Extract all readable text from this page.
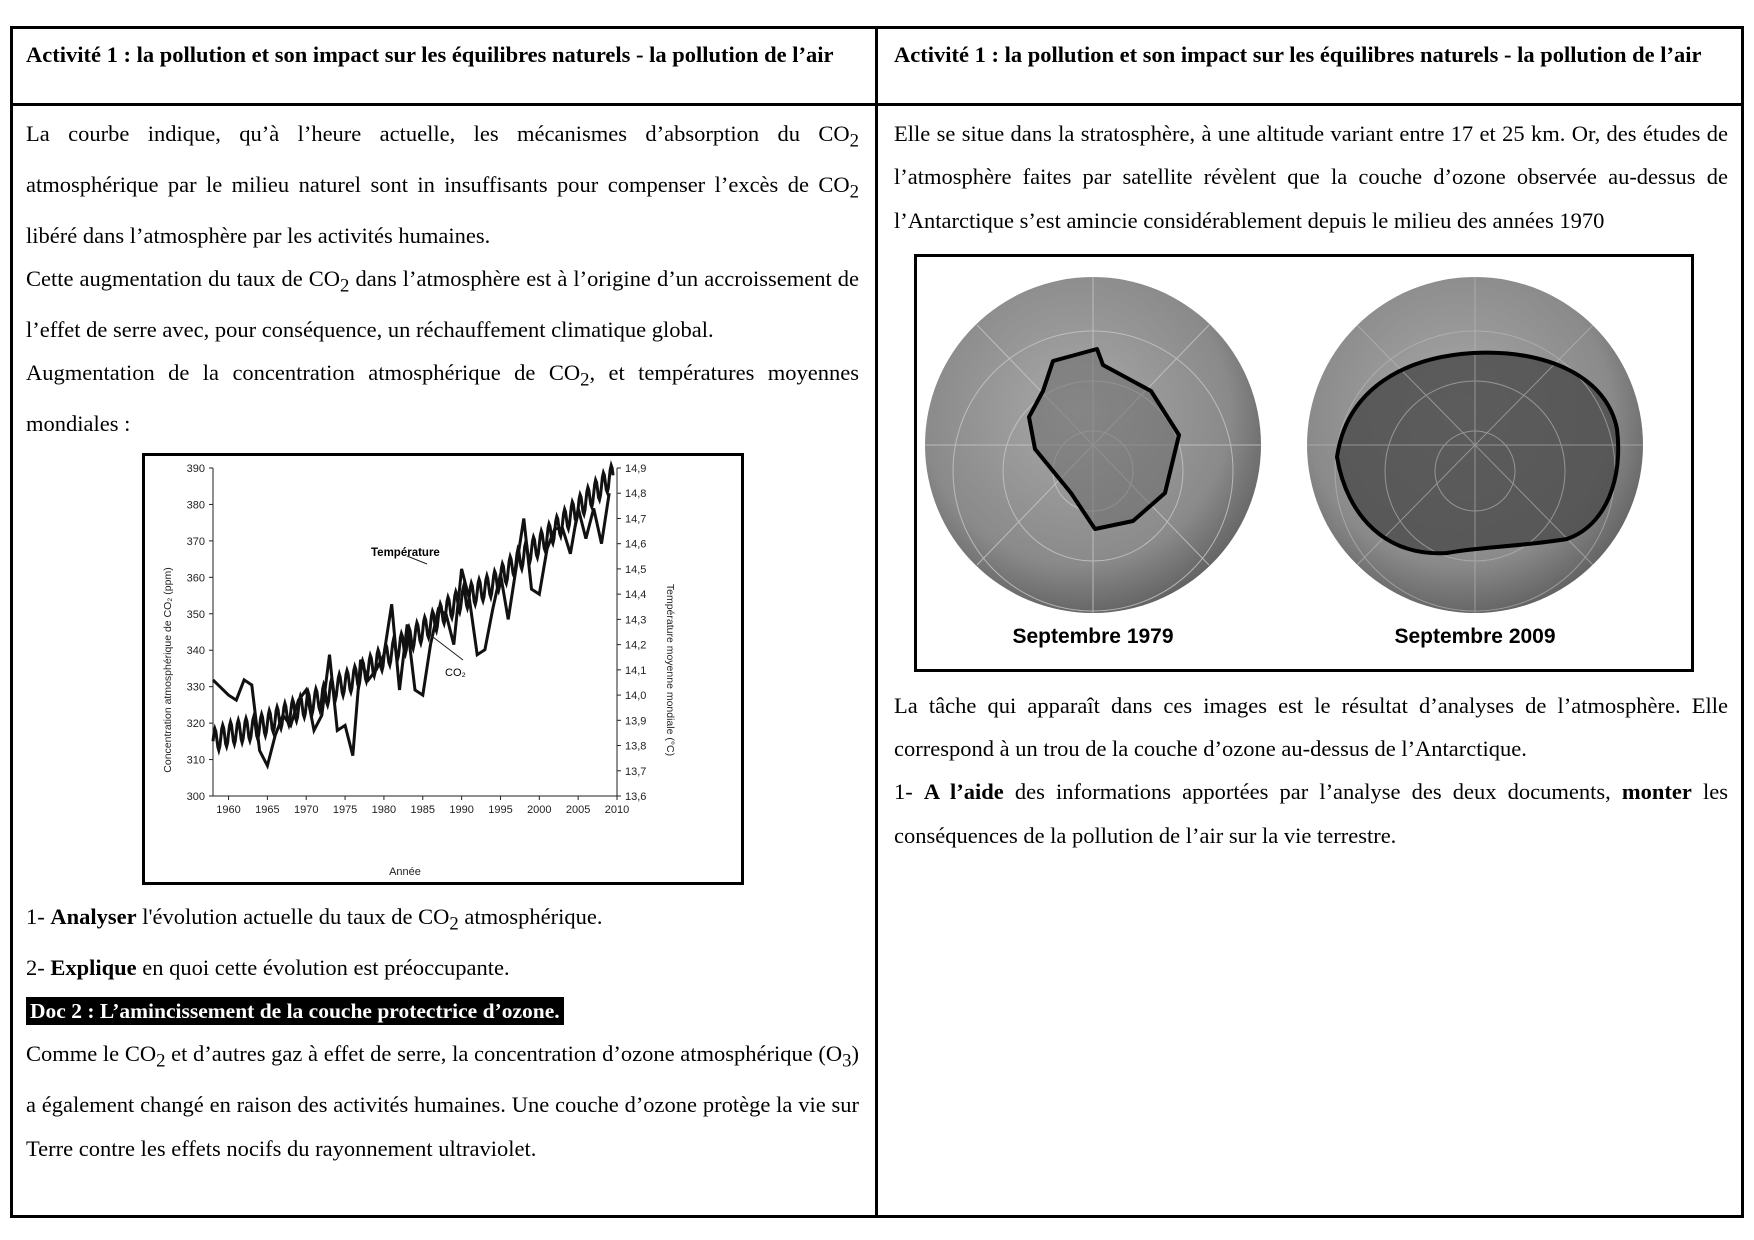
Activité 1 : la pollution et son impact sur les équilibres naturels - la pollution de l’air

La courbe indique, qu’à l’heure actuelle, les mécanismes d’absorption du $CO_2$ atmosphérique par le milieu naturel sont in insuffisants pour compenser l’excès de $CO_2$ libéré dans l’atmosphère par les activités humaines.

Cette augmentation du taux de $CO_2$ dans l’atmosphère est à l’origine d’un accroissement de l’effet de serre avec, pour conséquence, un réchauffement climatique global.

Augmentation de la concentration atmosphérique de $CO_2$, et températures moyennes mondiales :

1960 1965 1970 1975 1980 1985 1990 1995 2000 2005 2010
300
310
320
330
340
350
360
370
380
390
13,6
13,7
13,8
13,9
14,0
14,1
14,2
14,3
14,4
14,5
14,6
14,7
14,8
14,9
Température
CO₂
Année
Concentration atmosphérique de CO₂ (ppm)	Température moyenne mondiale (°C)

1- Analyser l'évolution actuelle du taux de $CO_2$ atmosphérique.

2- Explique en quoi cette évolution est préoccupante.

Doc 2 : L’amincissement de la couche protectrice d’ozone.

Comme le $CO_2$ et d’autres gaz à effet de serre, la concentration d’ozone atmosphérique $(O_3)$ a également changé en raison des activités humaines. Une couche d’ozone protège la vie sur Terre contre les effets nocifs du rayonnement ultraviolet.

Activité 1 : la pollution et son impact sur les équilibres naturels - la pollution de l’air

Elle se situe dans la stratosphère, à une altitude variant entre 17 et 25 km. Or, des études de l’atmosphère faites par satellite révèlent que la couche d’ozone observée au-dessus de l’Antarctique s’est amincie considérablement depuis le milieu des années 1970

Septembre 1979	Septembre 2009

La tâche qui apparaît dans ces images est le résultat d’analyses de l’atmosphère. Elle correspond à un trou de la couche d’ozone au-dessus de l’Antarctique.

1- A l’aide des informations apportées par l’analyse des deux documents, monter les conséquences de la pollution de l’air sur la vie terrestre.
